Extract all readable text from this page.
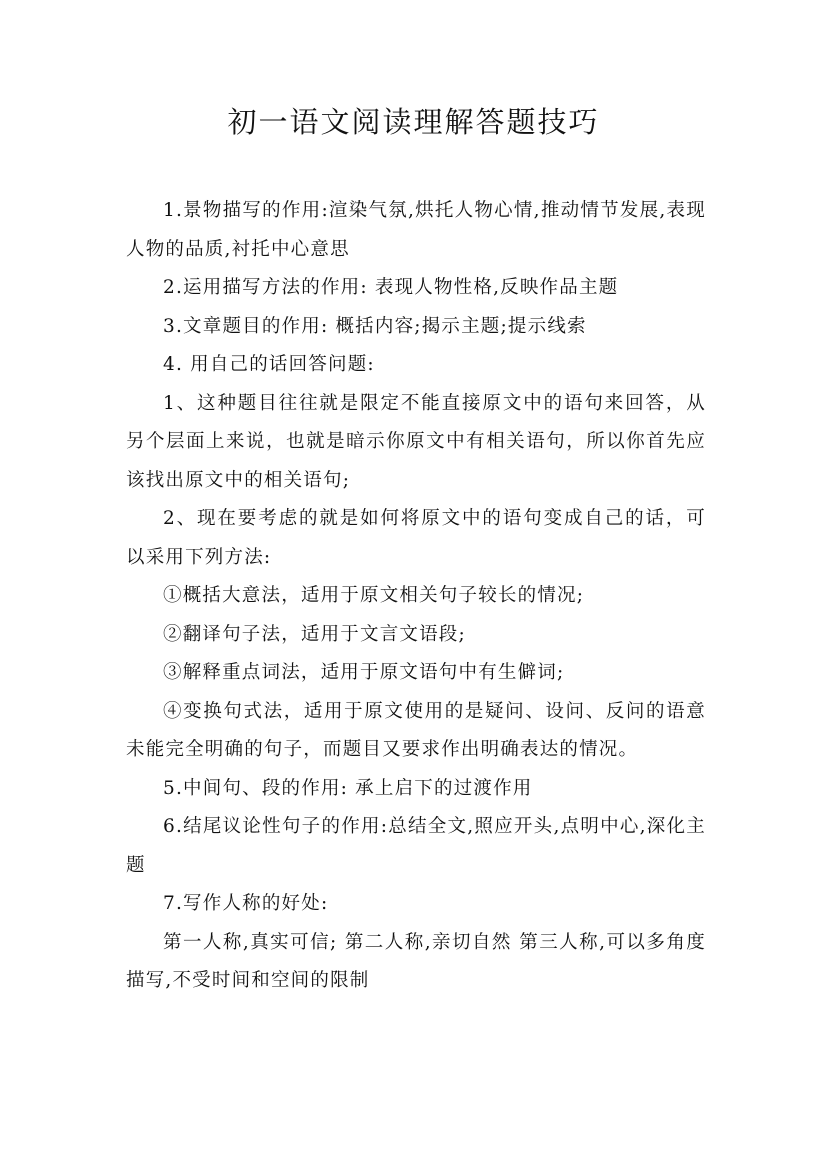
初一语文阅读理解答题技巧

1.景物描写的作用:渲染气氛,烘托人物心情,推动情节发展,表现人物的品质,衬托中心意思

2.运用描写方法的作用: 表现人物性格,反映作品主题

3.文章题目的作用: 概括内容;揭示主题;提示线索

4. 用自己的话回答问题:

1、这种题目往往就是限定不能直接原文中的语句来回答，从另个层面上来说，也就是暗示你原文中有相关语句，所以你首先应该找出原文中的相关语句;

2、现在要考虑的就是如何将原文中的语句变成自己的话，可以采用下列方法:

①概括大意法，适用于原文相关句子较长的情况;

②翻译句子法，适用于文言文语段;

③解释重点词法，适用于原文语句中有生僻词;

④变换句式法，适用于原文使用的是疑问、设问、反问的语意未能完全明确的句子，而题目又要求作出明确表达的情况。

5.中间句、段的作用: 承上启下的过渡作用

6.结尾议论性句子的作用:总结全文,照应开头,点明中心,深化主题

7.写作人称的好处:

第一人称,真实可信; 第二人称,亲切自然 第三人称,可以多角度描写,不受时间和空间的限制
